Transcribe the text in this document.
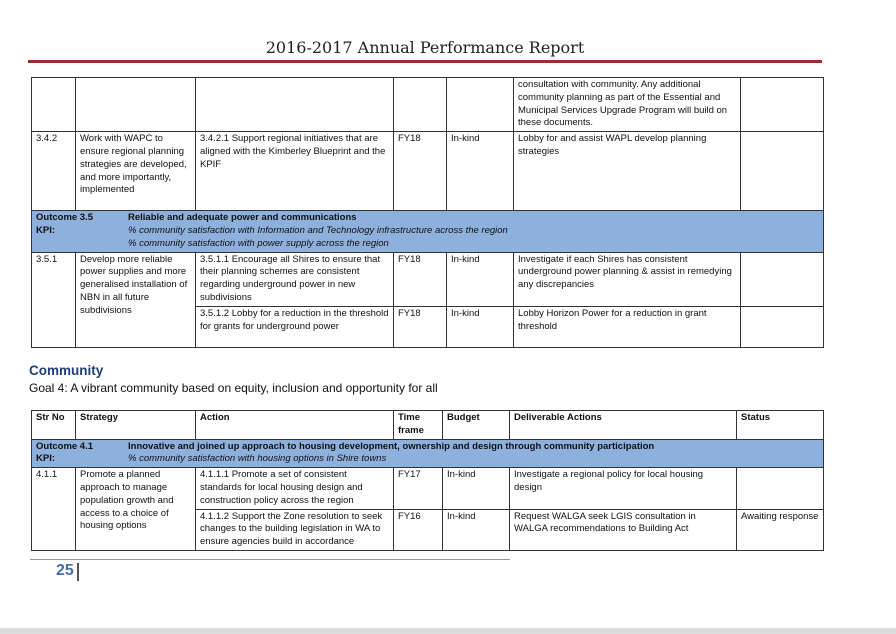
2016-2017 Annual Performance Report
					consultation with community. Any additional community planning as part of the Essential and Municipal Services Upgrade Program will build on these documents.	
3.4.2	Work with WAPC to ensure regional planning strategies are developed, and more importantly, implemented	3.4.2.1 Support regional initiatives that are aligned with the Kimberley Blueprint and the KPIF	FY18	In-kind	Lobby for and assist WAPL develop planning strategies	

Outcome 3.5 Reliable and adequate power and communications
KPI: % community satisfaction with Information and Technology infrastructure across the region
% community satisfaction with power supply across the region						

3.5.1	Develop more reliable power supplies and more generalised installation of NBN in all future subdivisions	3.5.1.1 Encourage all Shires to ensure that their planning schemes are consistent regarding underground power in new subdivisions	FY18	In-kind	Investigate if each Shires has consistent underground power planning & assist in remedying any discrepancies	
		3.5.1.2 Lobby for a reduction in the threshold for grants for underground power	FY18	In-kind	Lobby Horizon Power for a reduction in grant threshold	
Community
Goal 4: A vibrant community based on equity, inclusion and opportunity for all
Str No	Strategy	Action	Time frame	Budget	Deliverable Actions	Status

Outcome 4.1 Innovative and joined up approach to housing development, ownership and design through community participation
KPI: % community satisfaction with housing options in Shire towns						

4.1.1	Promote a planned approach to manage population growth and access to a choice of housing options	4.1.1.1 Promote a set of consistent standards for local housing design and construction policy across the region	FY17	In-kind	Investigate a regional policy for local housing design	
		4.1.1.2 Support the Zone resolution to seek changes to the building legislation in WA to ensure agencies build in accordance	FY16	In-kind	Request WALGA seek LGIS consultation in WALGA recommendations to Building Act	Awaiting response
25
